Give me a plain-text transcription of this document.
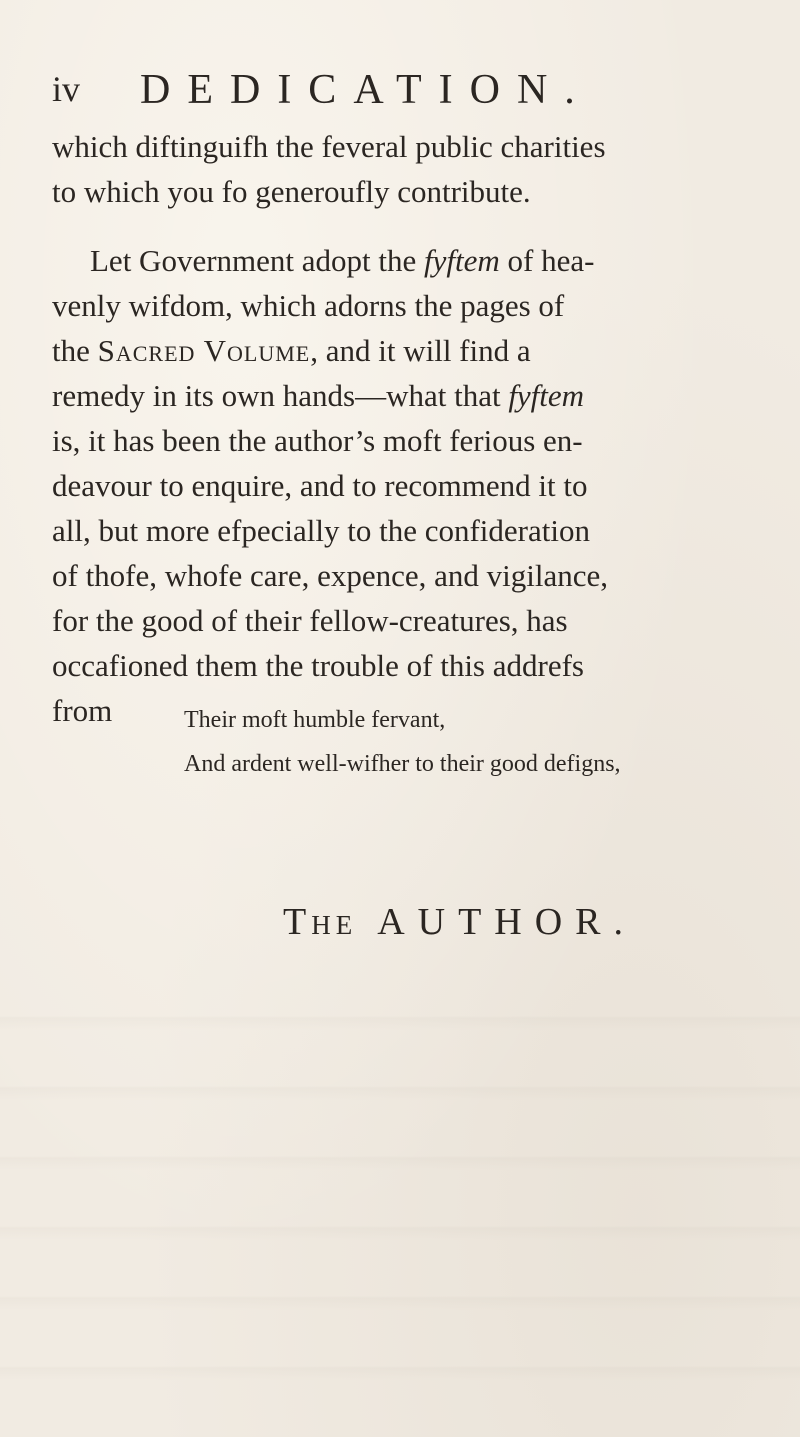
iv DEDICATION.

which diftinguifh the feveral public charities
to which you fo generoufly contribute.

Let Government adopt the fyftem of hea-
venly wifdom, which adorns the pages of
the Sacred Volume, and it will find a
remedy in its own hands—what that fyftem
is, it has been the author’s moft ferious en-
deavour to enquire, and to recommend it to
all, but more efpecially to the confideration
of thofe, whofe care, expence, and vigilance,
for the good of their fellow-creatures, has
occafioned them the trouble of this addrefs
from	Their moft humble fervant,
And ardent well-wifher to their good defigns,
The AUTHOR.
